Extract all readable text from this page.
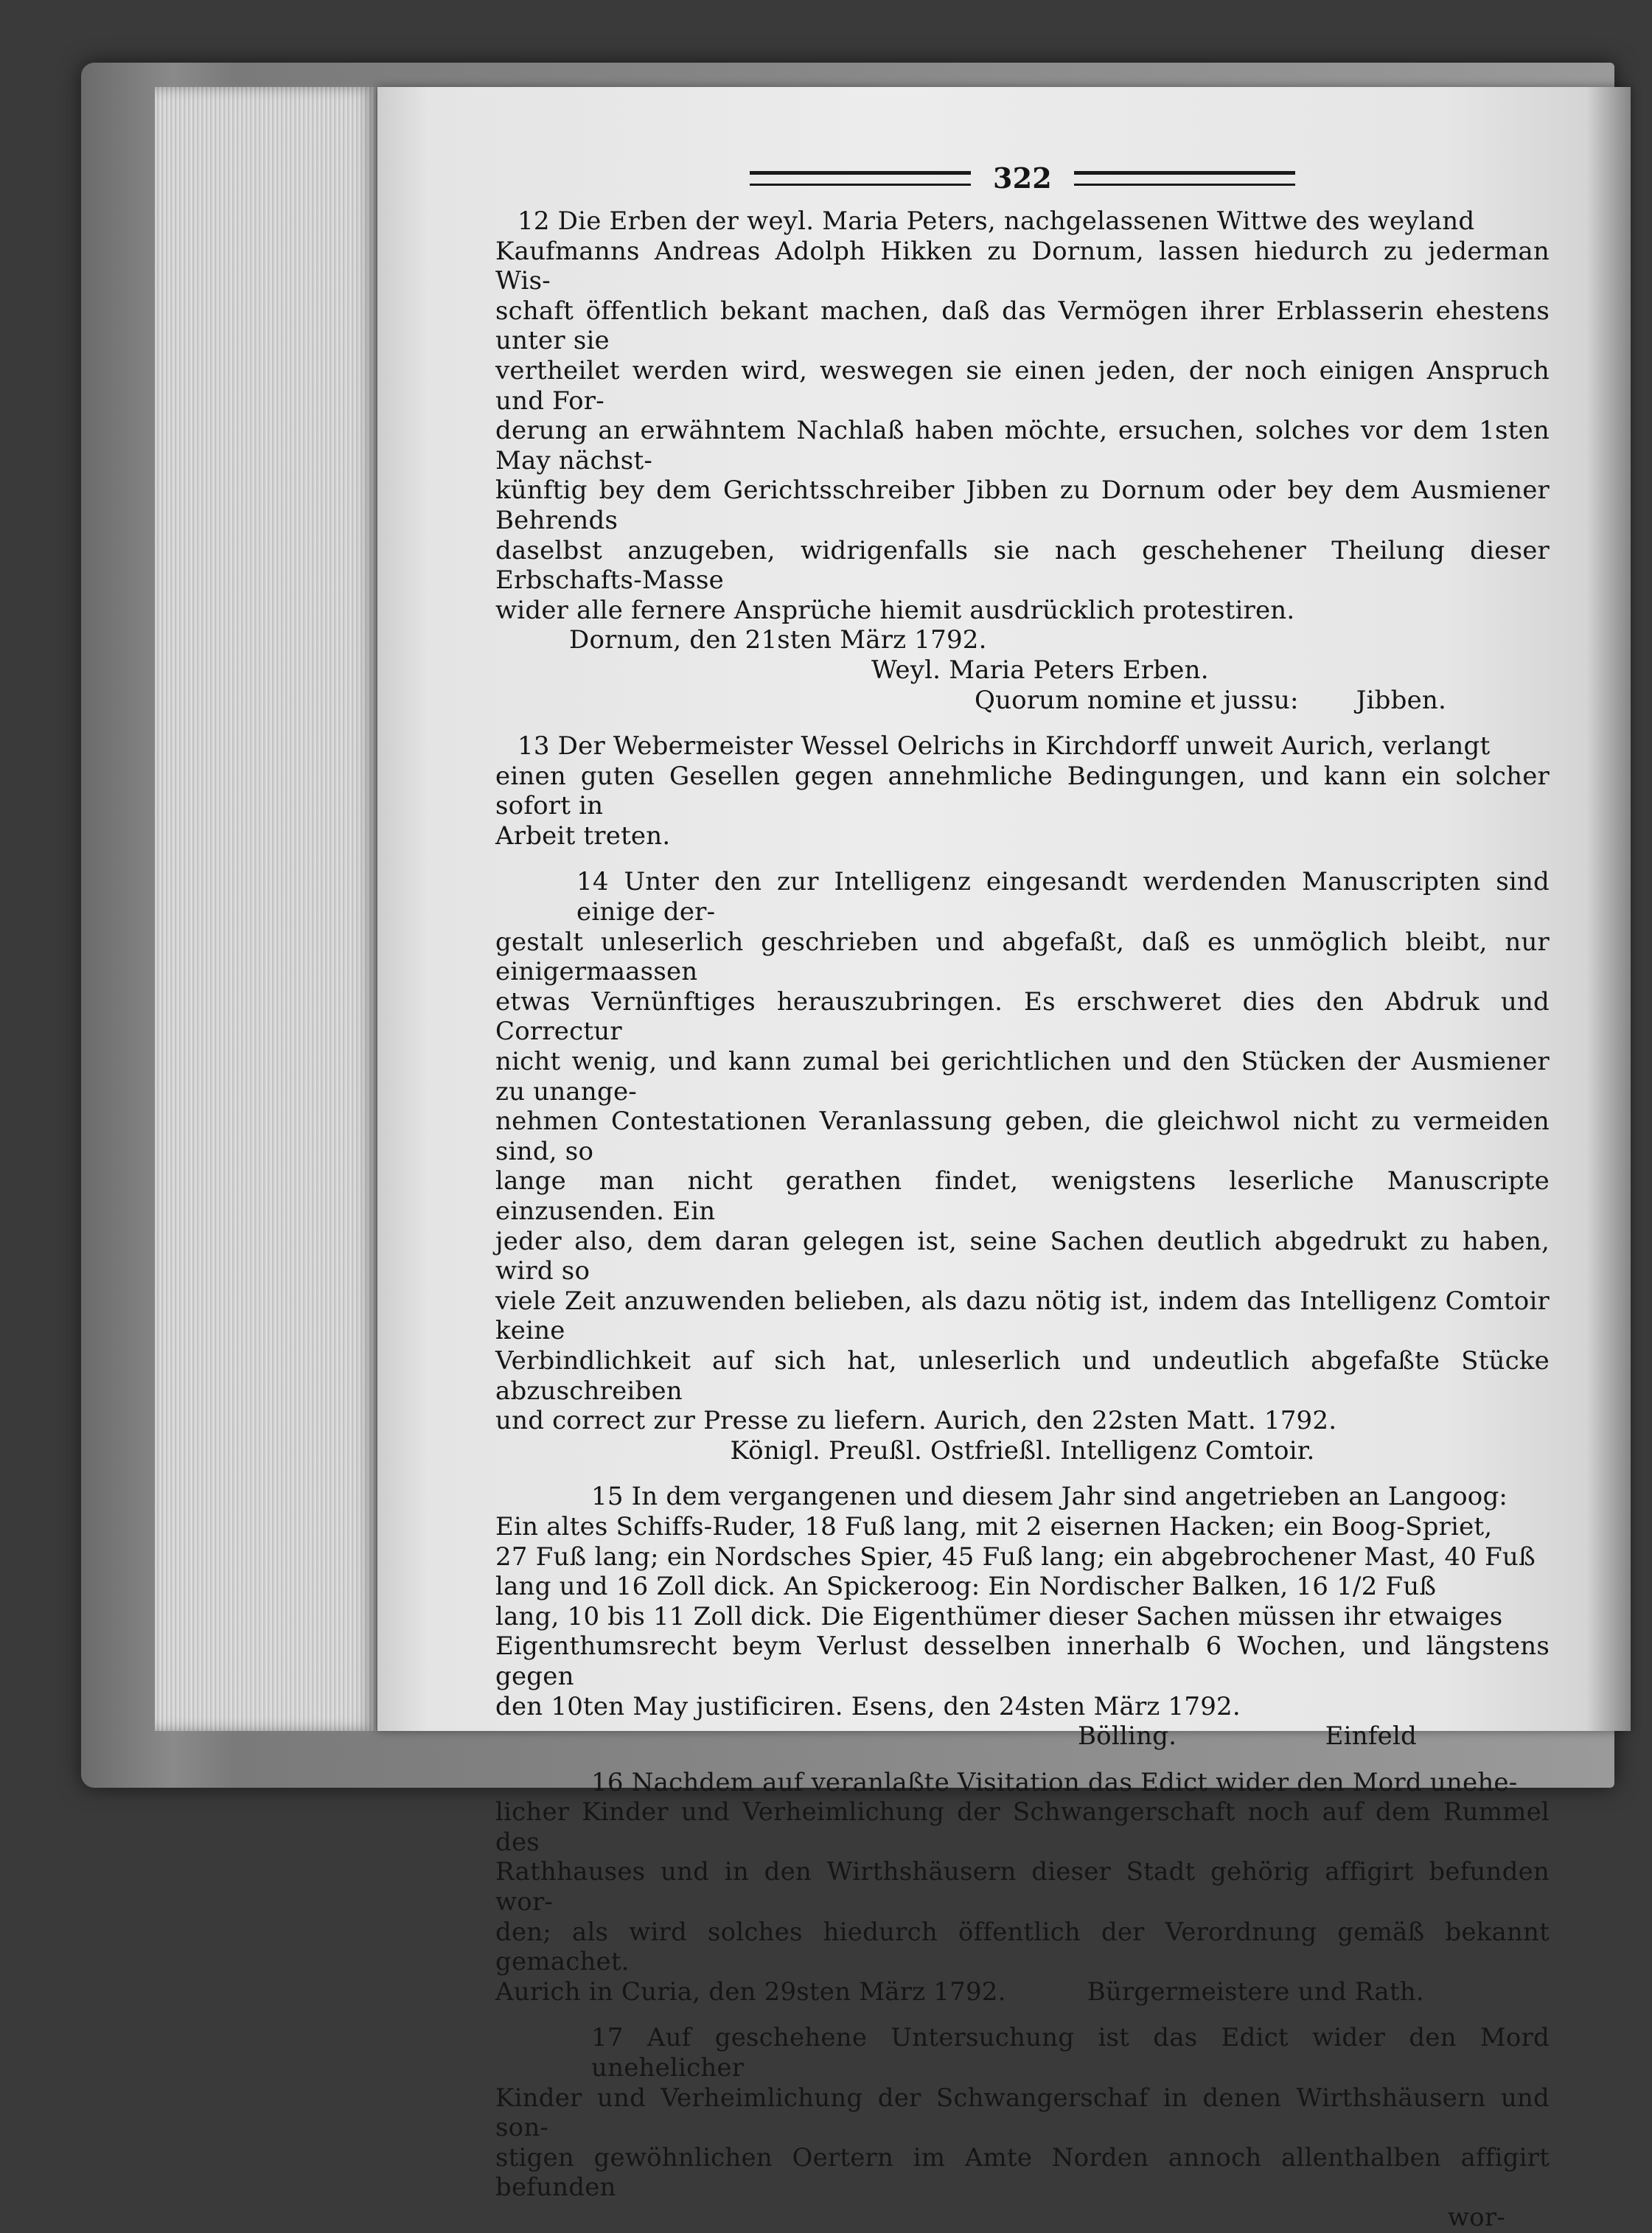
322

12 Die Erben der weyl. Maria Peters, nachgelassenen Wittwe des weyland

Kaufmanns Andreas Adolph Hikken zu Dornum, lassen hiedurch zu jederman Wis-

schaft öffentlich bekant machen, daß das Vermögen ihrer Erblasserin ehestens unter sie

vertheilet werden wird, weswegen sie einen jeden, der noch einigen Anspruch und For-

derung an erwähntem Nachlaß haben möchte, ersuchen, solches vor dem 1sten May nächst-

künftig bey dem Gerichtsschreiber Jibben zu Dornum oder bey dem Ausmiener Behrends

daselbst anzugeben, widrigenfalls sie nach geschehener Theilung dieser Erbschafts-Masse

wider alle fernere Ansprüche hiemit ausdrücklich protestiren.

Dornum, den 21sten März 1792.

Weyl. Maria Peters Erben.

Quorum nomine et jussu: Jibben.

13 Der Webermeister Wessel Oelrichs in Kirchdorff unweit Aurich, verlangt

einen guten Gesellen gegen annehmliche Bedingungen, und kann ein solcher sofort in

Arbeit treten.

14 Unter den zur Intelligenz eingesandt werdenden Manuscripten sind einige der-

gestalt unleserlich geschrieben und abgefaßt, daß es unmöglich bleibt, nur einigermaassen

etwas Vernünftiges herauszubringen. Es erschweret dies den Abdruk und Correctur

nicht wenig, und kann zumal bei gerichtlichen und den Stücken der Ausmiener zu unange-

nehmen Contestationen Veranlassung geben, die gleichwol nicht zu vermeiden sind, so

lange man nicht gerathen findet, wenigstens leserliche Manuscripte einzusenden. Ein

jeder also, dem daran gelegen ist, seine Sachen deutlich abgedrukt zu haben, wird so

viele Zeit anzuwenden belieben, als dazu nötig ist, indem das Intelligenz Comtoir keine

Verbindlichkeit auf sich hat, unleserlich und undeutlich abgefaßte Stücke abzuschreiben

und correct zur Presse zu liefern. Aurich, den 22sten Matt. 1792.

Königl. Preußl. Ostfrießl. Intelligenz Comtoir.

15 In dem vergangenen und diesem Jahr sind angetrieben an Langoog:

Ein altes Schiffs-Ruder, 18 Fuß lang, mit 2 eisernen Hacken; ein Boog-Spriet,

27 Fuß lang; ein Nordsches Spier, 45 Fuß lang; ein abgebrochener Mast, 40 Fuß

lang und 16 Zoll dick. An Spickeroog: Ein Nordischer Balken, 16 1/2 Fuß

lang, 10 bis 11 Zoll dick. Die Eigenthümer dieser Sachen müssen ihr etwaiges

Eigenthumsrecht beym Verlust desselben innerhalb 6 Wochen, und längstens gegen

den 10ten May justificiren. Esens, den 24sten März 1792.

Bölling.	Einfeld

16 Nachdem auf veranlaßte Visitation das Edict wider den Mord unehe-

licher Kinder und Verheimlichung der Schwangerschaft noch auf dem Rummel des

Rathhauses und in den Wirthshäusern dieser Stadt gehörig affigirt befunden wor-

den; als wird solches hiedurch öffentlich der Verordnung gemäß bekannt gemachet.

Aurich in Curia, den 29sten März 1792.          Bürgermeistere und Rath.

17 Auf geschehene Untersuchung ist das Edict wider den Mord unehelicher

Kinder und Verheimlichung der Schwangerschaf in denen Wirthshäusern und son-

stigen gewöhnlichen Oertern im Amte Norden annoch allenthalben affigirt befunden

wor-
